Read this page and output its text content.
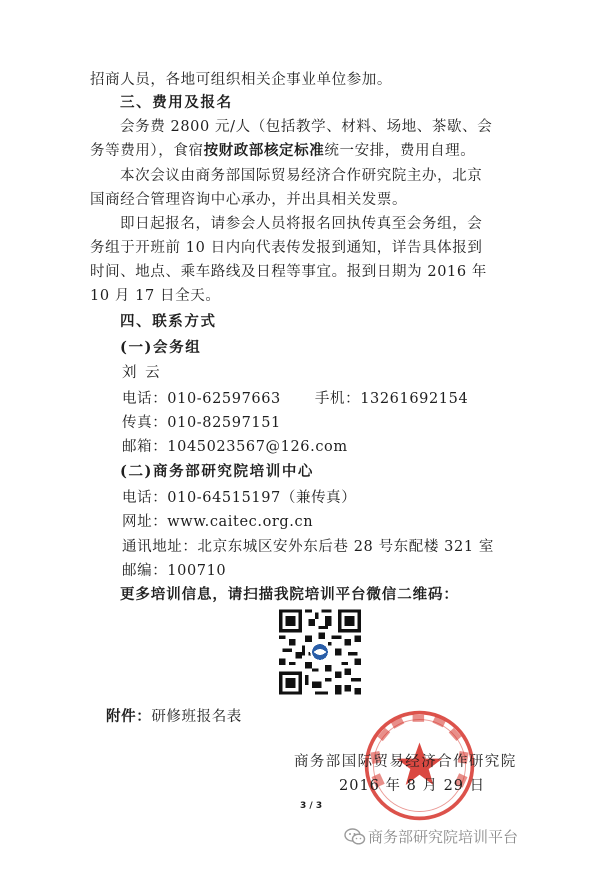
招商人员，各地可组织相关企事业单位参加。
三、费用及报名
会务费 2800 元/人（包括教学、材料、场地、茶歇、会
务等费用），食宿按财政部核定标准统一安排，费用自理。
本次会议由商务部国际贸易经济合作研究院主办，北京
国商经合管理咨询中心承办，并出具相关发票。
即日起报名，请参会人员将报名回执传真至会务组，会
务组于开班前 10 日内向代表传发报到通知，详告具体报到
时间、地点、乘车路线及日程等事宜。报到日期为 2016 年
10 月 17 日全天。
四、联系方式
(一)会务组
刘 云
电话：010-62597663 手机：13261692154
传真：010-82597151
邮箱：1045023567@126.com
(二)商务部研究院培训中心
电话：010-64515197（兼传真）
网址：www.caitec.org.cn
通讯地址：北京东城区安外东后巷 28 号东配楼 321 室
邮编：100710
更多培训信息，请扫描我院培训平台微信二维码：
附件：研修班报名表
商务部国际贸易经济合作研究院
2016 年 8 月 29 日
3 / 3
商务部研究院培训平台
